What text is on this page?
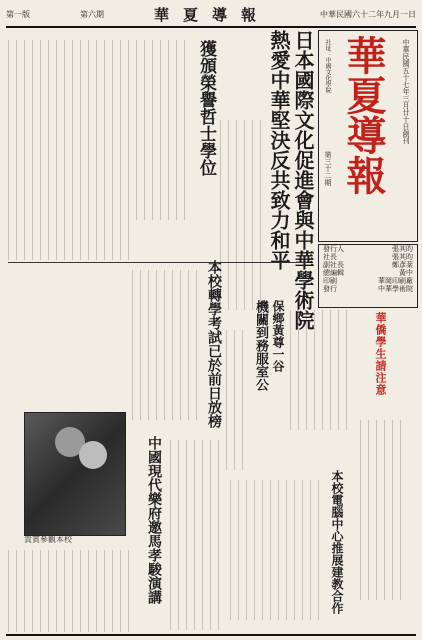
第一版	第六期	華夏導報	中華民國六十二年九月一日
華夏導報 中華民國五十七年三月廿十日創刊
社址：中國文化學院
第三十二期
發行人	張其昀
社長	張其昀
副社長	鄭彥棻
總編輯	黃中
印刷	華岡印刷廠
發行	中華學術院
日本國際文化促進會與中華學術院
熱愛中華堅決反共致力和平
獲頒榮譽哲士學位
貴賓參觀本校
本校轉學考試已於前日放榜	保鄉黃尊一谷
機關到務服室公	華僑學生請注意
本校電腦中心推展建教合作
中國現代樂府邀馬孝駿演講
